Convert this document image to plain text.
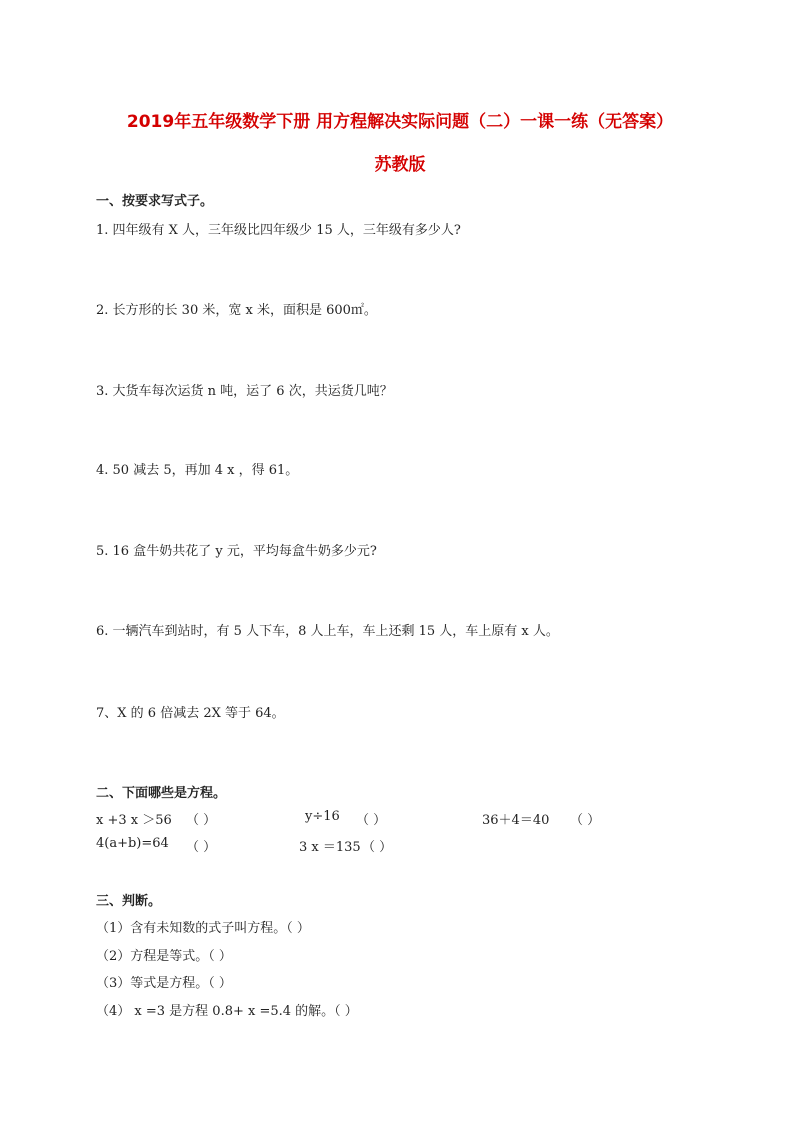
2019年五年级数学下册 用方程解决实际问题（二）一课一练（无答案）
苏教版
一、按要求写式子。
1. 四年级有 X 人，三年级比四年级少 15 人，三年级有多少人?
2. 长方形的长 30 米，宽 x 米，面积是 600㎡。
3. 大货车每次运货 n 吨，运了 6 次，共运货几吨？
4. 50 减去 5，再加 4 x ，得 61。
5. 16 盒牛奶共花了 y 元，平均每盒牛奶多少元?
6. 一辆汽车到站时，有 5 人下车，8 人上车，车上还剩 15 人，车上原有 x 人。
7、X 的 6 倍减去 2X 等于 64。
二、下面哪些是方程。
x +3 x ＞56 （ ）	y÷16 （ ）	36＋4＝40 （ ）
4(a+b)=64 （ ）	3 x ＝135 （ ）
三、判断。
（1）含有未知数的式子叫方程。（ ）
（2）方程是等式。（ ）
（3）等式是方程。（ ）
（4） x =3 是方程 0.8+ x =5.4 的解。（ ）
